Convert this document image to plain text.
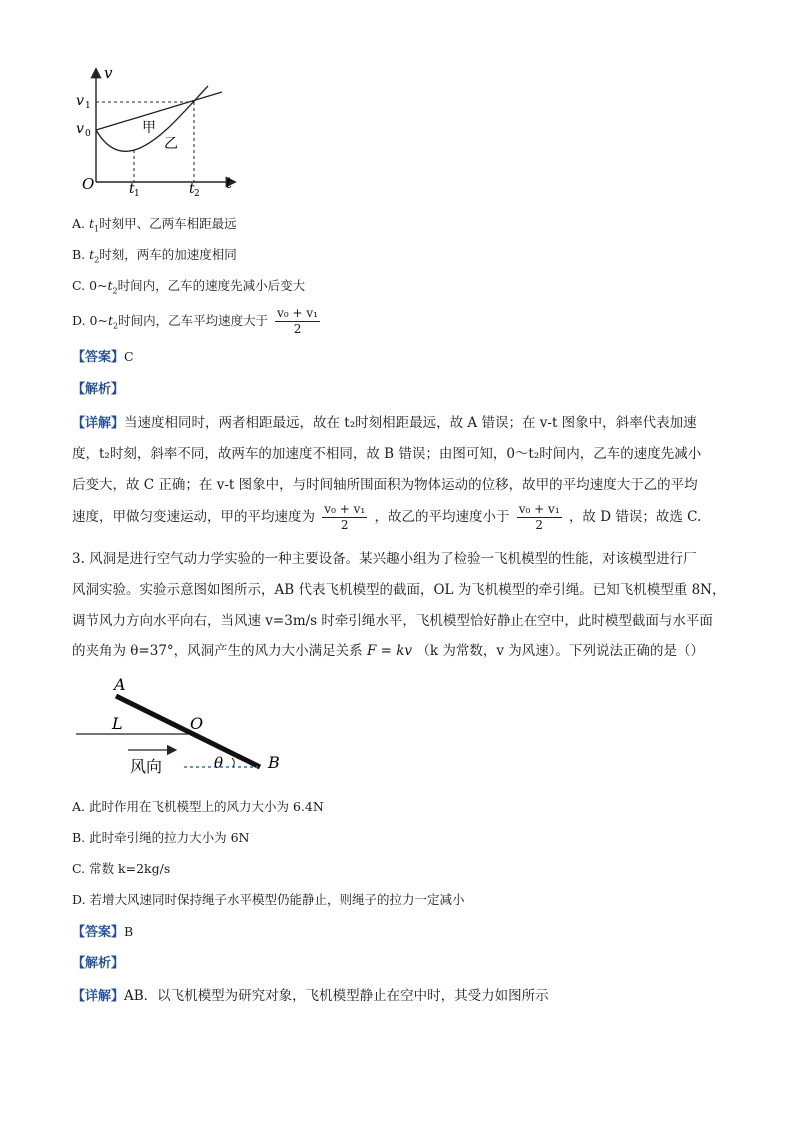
v
t
O
v 1
v 0
t 1	t 2
甲
乙
A. $t_1$时刻甲、乙两车相距最远
B. $t_2$时刻，两车的加速度相同
C. $0\sim t_2$时间内，乙车的速度先减小后变大
D. $0\sim t_2$时间内，乙车平均速度大于 $\frac{\text{v₀ + v₁}}{2}$
【答案】C
【解析】
【详解】当速度相同时，两者相距最远，故在 t₂时刻相距最远，故 A 错误；在 v-t 图象中，斜率代表加速
度，t₂时刻，斜率不同，故两车的加速度不相同，故 B 错误；由图可知，0～t₂时间内，乙车的速度先减小
后变大，故 C 正确；在 v-t 图象中，与时间轴所围面积为物体运动的位移，故甲的平均速度大于乙的平均
速度，甲做匀变速运动，甲的平均速度为 $\frac{\text{v₀ + v₁}}{2}$ ，故乙的平均速度小于 $\frac{\text{v₀ + v₁}}{2}$ ，故 D 错误；故选 C.
3. 风洞是进行空气动力学实验的一种主要设备。某兴趣小组为了检验一飞机模型的性能，对该模型进行厂
风洞实验。实验示意图如图所示，AB 代表飞机模型的截面，OL 为飞机模型的牵引绳。已知飞机模型重 8N，
调节风力方向水平向右，当风速 v=3m/s 时牵引绳水平，飞机模型恰好静止在空中，此时模型截面与水平面
的夹角为 θ=37°，风洞产生的风力大小满足关系 F = kv （k 为常数，v 为风速）。下列说法正确的是（）
A
B
O
L
θ
风向
A. 此时作用在飞机模型上的风力大小为 6.4N
B. 此时牵引绳的拉力大小为 6N
C. 常数 k=2kg/s
D. 若增大风速同时保持绳子水平模型仍能静止，则绳子的拉力一定减小
【答案】B
【解析】
【详解】AB．以飞机模型为研究对象，飞机模型静止在空中时，其受力如图所示
